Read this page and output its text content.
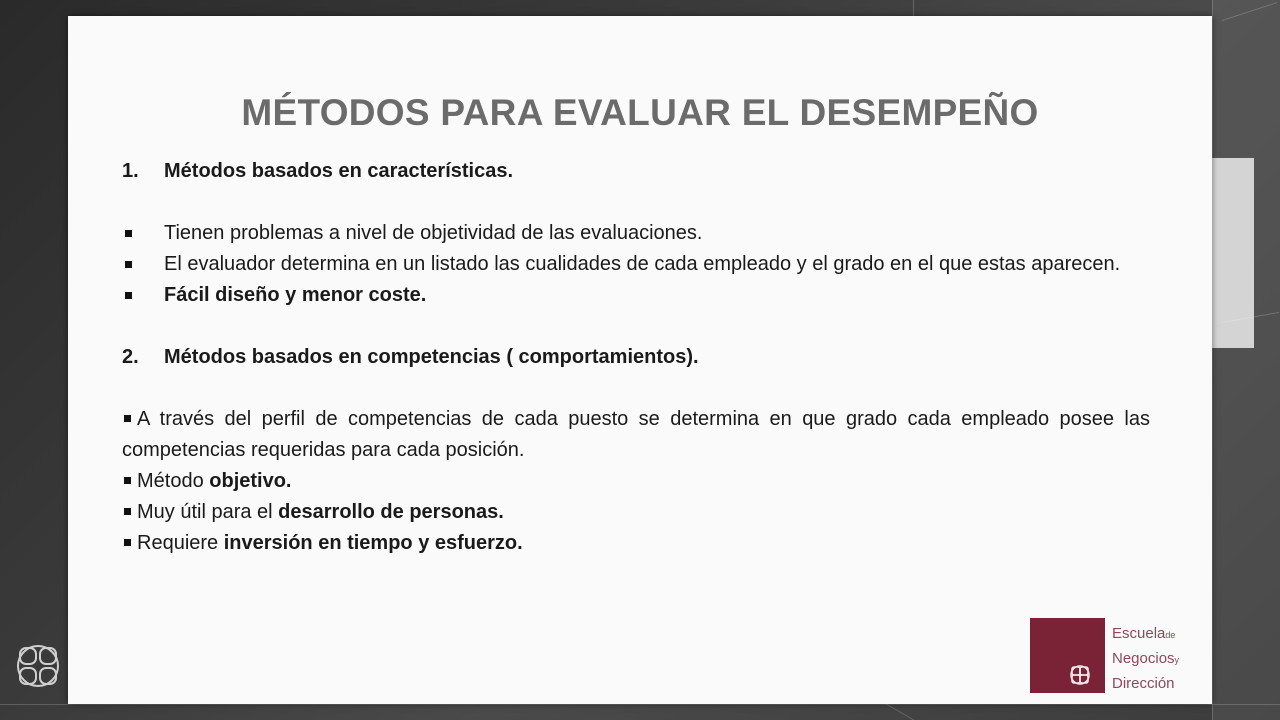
MÉTODOS PARA EVALUAR EL DESEMPEÑO
1.	Métodos basados en características.
Tienen problemas a nivel de objetividad de las evaluaciones.
El evaluador determina en un listado las cualidades de cada empleado y el grado en el que estas aparecen.
Fácil diseño y menor coste.
2.	Métodos basados en competencias ( comportamientos).
A través del perfil de competencias de cada puesto se determina en que grado cada empleado posee las competencias requeridas para cada posición.
Método objetivo.
Muy útil para el desarrollo de personas.
Requiere inversión en tiempo y esfuerzo.
Escuelade
Negociosy
Dirección
